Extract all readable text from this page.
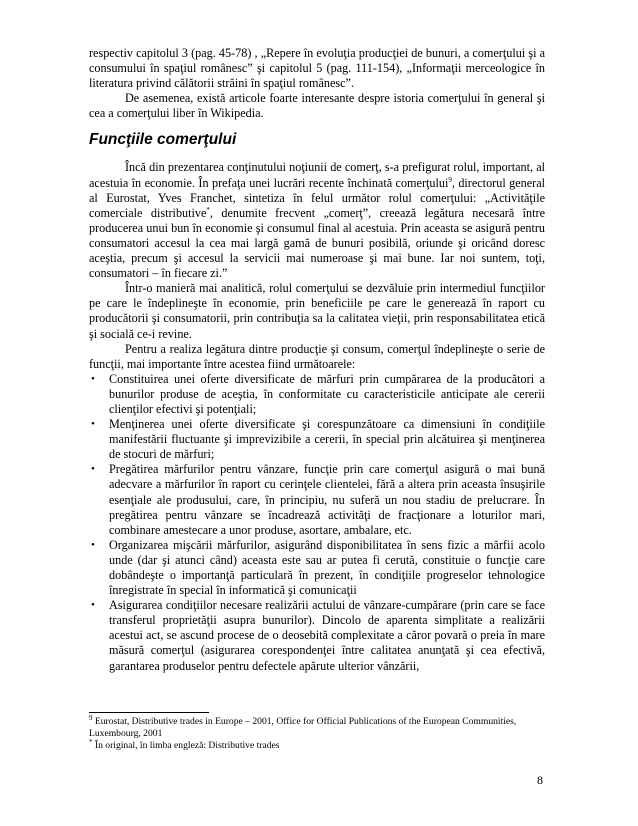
respectiv capitolul 3 (pag. 45-78) , „Repere în evoluţia producţiei de bunuri, a comerţului şi a consumului în spaţiul românesc” şi capitolul 5 (pag. 111-154), „Informaţii merceologice în literatura privind călătorii străini în spaţiul românesc”.

De asemenea, există articole foarte interesante despre istoria comerţului în general şi cea a comerţului liber în Wikipedia.

Funcţiile comerţului

Încă din prezentarea conţinutului noţiunii de comerţ, s-a prefigurat rolul, important, al acestuia în economie. În prefaţa unei lucrări recente închinată comerţului$^9$, directorul general al Eurostat, Yves Franchet, sintetiza în felul următor rolul comerţului: „Activităţile comerciale distributive*, denumite frecvent „comerţ”, creează legătura necesară între producerea unui bun în economie şi consumul final al acestuia. Prin aceasta se asigură pentru consumatori accesul la cea mai largă gamă de bunuri posibilă, oriunde şi oricând doresc aceştia, precum şi accesul la servicii mai numeroase şi mai bune. Iar noi suntem, toţi, consumatori – în fiecare zi.”

Într-o manieră mai analitică, rolul comerţului se dezvăluie prin intermediul funcţiilor pe care le îndeplineşte în economie, prin beneficiile pe care le generează în raport cu producătorii şi consumatorii, prin contribuţia sa la calitatea vieţii, prin responsabilitatea etică şi socială ce-i revine.

Pentru a realiza legătura dintre producţie şi consum, comerţul îndeplineşte o serie de funcţii, mai importante între acestea fiind următoarele:

• Constituirea unei oferte diversificate de mărfuri prin cumpărarea de la producători a bunurilor produse de aceştia, în conformitate cu caracteristicile anticipate ale cererii clienţilor efectivi şi potenţiali;
• Menţinerea unei oferte diversificate şi corespunzătoare ca dimensiuni în condiţiile manifestării fluctuante şi imprevizibile a cererii, în special prin alcătuirea şi menţinerea de stocuri de mărfuri;
• Pregătirea mărfurilor pentru vânzare, funcţie prin care comerţul asigură o mai bună adecvare a mărfurilor în raport cu cerinţele clientelei, fără a altera prin aceasta însuşirile esenţiale ale produsului, care, în principiu, nu suferă un nou stadiu de prelucrare. În pregătirea pentru vânzare se încadrează activităţi de fracţionare a loturilor mari, combinare amestecare a unor produse, asortare, ambalare, etc.
• Organizarea mişcării mărfurilor, asigurând disponibilitatea în sens fizic a mărfii acolo unde (dar şi atunci când) aceasta este sau ar putea fi cerută, constituie o funcţie care dobândeşte o importanţă particulară în prezent, în condiţiile progreselor tehnologice înregistrate în special în informatică şi comunicaţii
• Asigurarea condiţiilor necesare realizării actului de vânzare-cumpărare (prin care se face transferul proprietăţii asupra bunurilor). Dincolo de aparenta simplitate a realizării acestui act, se ascund procese de o deosebită complexitate a căror povară o preia în mare măsură comerţul (asigurarea corespondenţei între calitatea anunţată şi cea efectivă, garantarea produselor pentru defectele apărute ulterior vânzării,

$^9$ Eurostat, Distributive trades in Europe – 2001, Office for Official Publications of the European Communities, Luxembourg, 2001

* În original, în limba engleză: Distributive trades

8
